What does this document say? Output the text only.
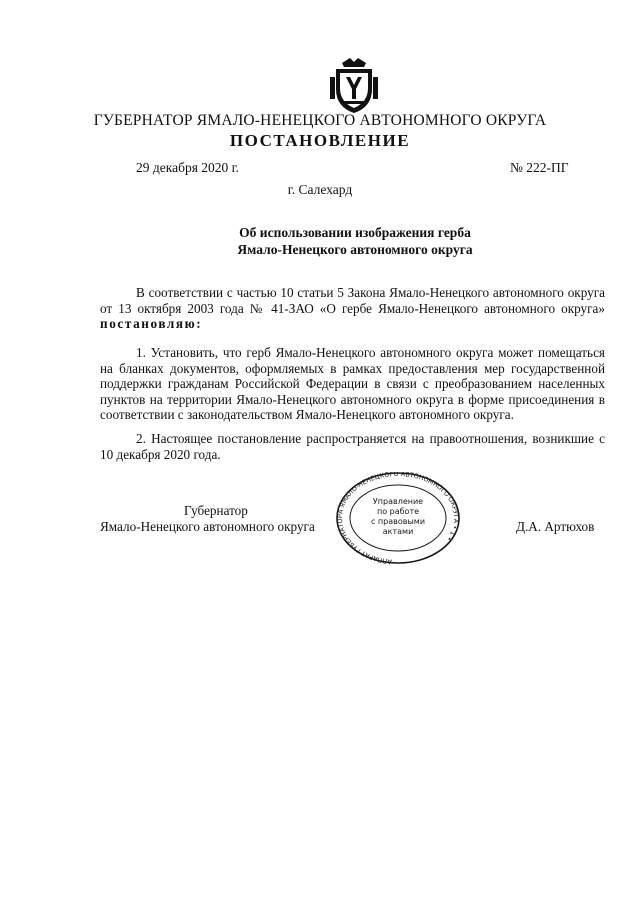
ГУБЕРНАТОР ЯМАЛО-НЕНЕЦКОГО АВТОНОМНОГО ОКРУГА
ПОСТАНОВЛЕНИЕ
29 декабря 2020 г.	№ 222-ПГ
г. Салехард
Об использовании изображения герба
Ямало-Ненецкого автономного округа
В соответствии с частью 10 статьи 5 Закона Ямало-Ненецкого автономного округа от 13 октября 2003 года № 41-ЗАО «О гербе Ямало-Ненецкого автономного округа» постановляю:
1. Установить, что герб Ямало-Ненецкого автономного округа может помещаться на бланках документов, оформляемых в рамках предоставления мер государственной поддержки гражданам Российской Федерации в связи с преобразованием населенных пунктов на территории Ямало-Ненецкого автономного округа в форме присоединения в соответствии с законодательством Ямало-Ненецкого автономного округа.
2. Настоящее постановление распространяется на правоотношения, возникшие с 10 декабря 2020 года.
Губернатор
Ямало-Ненецкого автономного округа	Д.А. Артюхов
АППАРАТ ГУБЕРНАТОРА ЯМАЛО-НЕНЕЦКОГО АВТОНОМНОГО ОКРУГА • 1 •
Управление
по работе
с правовыми
актами
